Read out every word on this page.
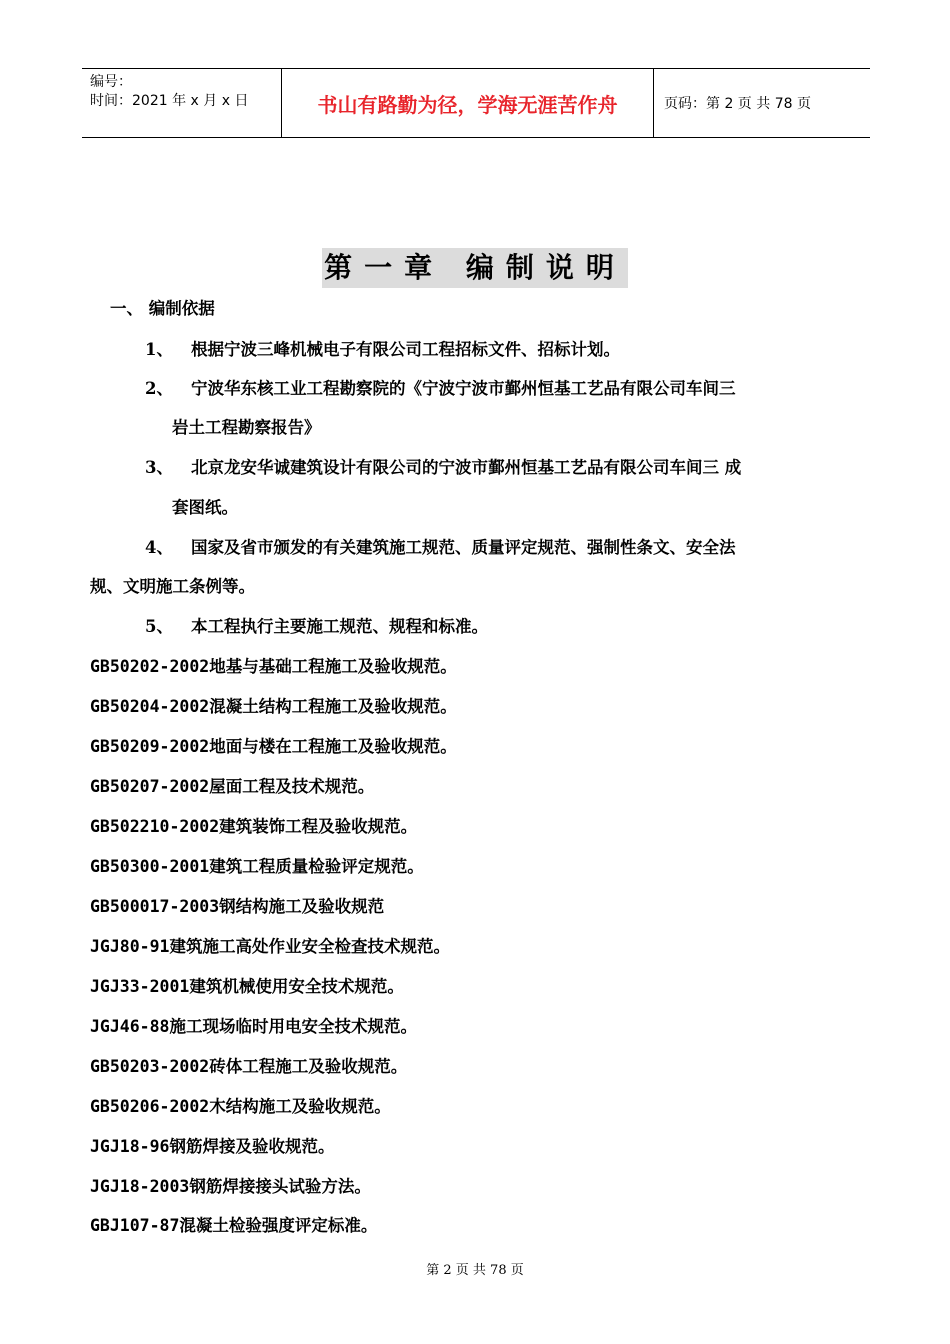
编号：
时间：2021 年 x 月 x 日	书山有路勤为径，学海无涯苦作舟	页码：第 2 页 共 78 页
第一章 编制说明
一、 编制依据
1、 根据宁波三峰机械电子有限公司工程招标文件、招标计划。
2、 宁波华东核工业工程勘察院的《宁波宁波市鄞州恒基工艺品有限公司车间三
岩土工程勘察报告》
3、 北京龙安华诚建筑设计有限公司的宁波市鄞州恒基工艺品有限公司车间三 成
套图纸。
4、 国家及省市颁发的有关建筑施工规范、质量评定规范、强制性条文、安全法
规、文明施工条例等。
5、 本工程执行主要施工规范、规程和标准。
GB50202-2002地基与基础工程施工及验收规范。
GB50204-2002混凝土结构工程施工及验收规范。
GB50209-2002地面与楼在工程施工及验收规范。
GB50207-2002屋面工程及技术规范。
GB502210-2002建筑装饰工程及验收规范。
GB50300-2001建筑工程质量检验评定规范。
GB500017-2003钢结构施工及验收规范
JGJ80-91建筑施工高处作业安全检查技术规范。
JGJ33-2001建筑机械使用安全技术规范。
JGJ46-88施工现场临时用电安全技术规范。
GB50203-2002砖体工程施工及验收规范。
GB50206-2002木结构施工及验收规范。
JGJ18-96钢筋焊接及验收规范。
JGJ18-2003钢筋焊接接头试验方法。
GBJ107-87混凝土检验强度评定标准。
第 2 页 共 78 页
